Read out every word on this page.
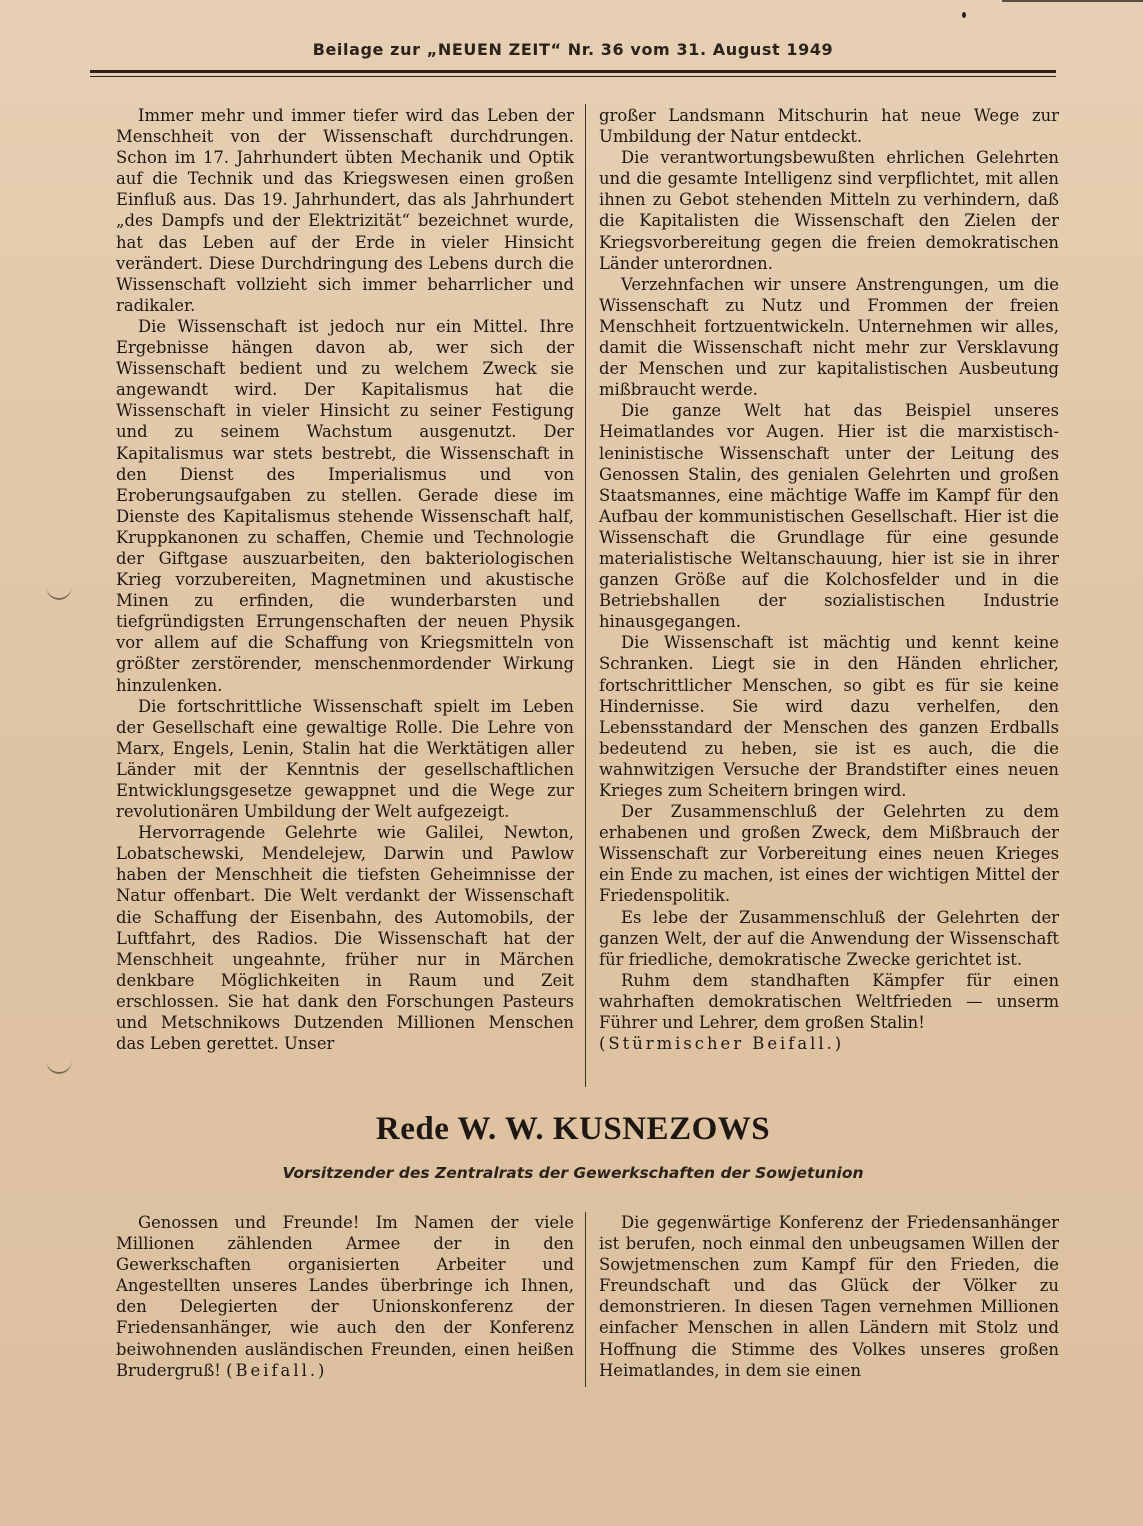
Beilage zur „NEUEN ZEIT“ Nr. 36 vom 31. August 1949

Immer mehr und immer tiefer wird das Leben der Menschheit von der Wissenschaft durchdrungen. Schon im 17. Jahrhundert übten Mechanik und Optik auf die Technik und das Kriegswesen einen großen Einfluß aus. Das 19. Jahrhundert, das als Jahrhundert „des Dampfs und der Elektrizität“ bezeichnet wurde, hat das Leben auf der Erde in vieler Hinsicht verändert. Diese Durchdringung des Lebens durch die Wissenschaft vollzieht sich immer beharrlicher und radikaler.

Die Wissenschaft ist jedoch nur ein Mittel. Ihre Ergebnisse hängen davon ab, wer sich der Wissenschaft bedient und zu welchem Zweck sie angewandt wird. Der Kapitalismus hat die Wissenschaft in vieler Hinsicht zu seiner Festigung und zu seinem Wachstum ausgenutzt. Der Kapitalismus war stets bestrebt, die Wissenschaft in den Dienst des Imperialismus und von Eroberungsaufgaben zu stellen. Gerade diese im Dienste des Kapitalismus stehende Wissenschaft half, Kruppkanonen zu schaffen, Chemie und Technologie der Giftgase auszuarbeiten, den bakteriologischen Krieg vorzubereiten, Magnetminen und akustische Minen zu erfinden, die wunderbarsten und tiefgründigsten Errungenschaften der neuen Physik vor allem auf die Schaffung von Kriegsmitteln von größter zerstörender, menschenmordender Wirkung hinzulenken.

Die fortschrittliche Wissenschaft spielt im Leben der Gesellschaft eine gewaltige Rolle. Die Lehre von Marx, Engels, Lenin, Stalin hat die Werktätigen aller Länder mit der Kenntnis der gesellschaftlichen Entwicklungsgesetze gewappnet und die Wege zur revolutionären Umbildung der Welt aufgezeigt.

Hervorragende Gelehrte wie Galilei, Newton, Lobatschewski, Mendelejew, Darwin und Pawlow haben der Menschheit die tiefsten Geheimnisse der Natur offenbart. Die Welt verdankt der Wissenschaft die Schaffung der Eisenbahn, des Automobils, der Luftfahrt, des Radios. Die Wissenschaft hat der Menschheit ungeahnte, früher nur in Märchen denkbare Möglichkeiten in Raum und Zeit erschlossen. Sie hat dank den Forschungen Pasteurs und Metschnikows Dutzenden Millionen Menschen das Leben gerettet. Unser

großer Landsmann Mitschurin hat neue Wege zur Umbildung der Natur entdeckt.

Die verantwortungsbewußten ehrlichen Gelehrten und die gesamte Intelligenz sind verpflichtet, mit allen ihnen zu Gebot stehenden Mitteln zu verhindern, daß die Kapitalisten die Wissenschaft den Zielen der Kriegsvorbereitung gegen die freien demokratischen Länder unterordnen.

Verzehnfachen wir unsere Anstrengungen, um die Wissenschaft zu Nutz und Frommen der freien Menschheit fortzuentwickeln. Unternehmen wir alles, damit die Wissenschaft nicht mehr zur Versklavung der Menschen und zur kapitalistischen Ausbeutung mißbraucht werde.

Die ganze Welt hat das Beispiel unseres Heimatlandes vor Augen. Hier ist die marxistisch-leninistische Wissenschaft unter der Leitung des Genossen Stalin, des genialen Gelehrten und großen Staatsmannes, eine mächtige Waffe im Kampf für den Aufbau der kommunistischen Gesellschaft. Hier ist die Wissenschaft die Grundlage für eine gesunde materialistische Weltanschauung, hier ist sie in ihrer ganzen Größe auf die Kolchosfelder und in die Betriebshallen der sozialistischen Industrie hinausgegangen.

Die Wissenschaft ist mächtig und kennt keine Schranken. Liegt sie in den Händen ehrlicher, fortschrittlicher Menschen, so gibt es für sie keine Hindernisse. Sie wird dazu verhelfen, den Lebensstandard der Menschen des ganzen Erdballs bedeutend zu heben, sie ist es auch, die die wahnwitzigen Versuche der Brandstifter eines neuen Krieges zum Scheitern bringen wird.

Der Zusammenschluß der Gelehrten zu dem erhabenen und großen Zweck, dem Mißbrauch der Wissenschaft zur Vorbereitung eines neuen Krieges ein Ende zu machen, ist eines der wichtigen Mittel der Friedenspolitik.

Es lebe der Zusammenschluß der Gelehrten der ganzen Welt, der auf die Anwendung der Wissenschaft für friedliche, demokratische Zwecke gerichtet ist.

Ruhm dem standhaften Kämpfer für einen wahrhaften demokratischen Weltfrieden — unserm Führer und Lehrer, dem großen Stalin!

(Stürmischer Beifall.)

Rede W. W. KUSNEZOWS
Vorsitzender des Zentralrats der Gewerkschaften der Sowjetunion

Genossen und Freunde! Im Namen der viele Millionen zählenden Armee der in den Gewerkschaften organisierten Arbeiter und Angestellten unseres Landes überbringe ich Ihnen, den Delegierten der Unionskonferenz der Friedensanhänger, wie auch den der Konferenz beiwohnenden ausländischen Freunden, einen heißen Brudergruß! (Beifall.)

Die gegenwärtige Konferenz der Friedensanhänger ist berufen, noch einmal den unbeugsamen Willen der Sowjetmenschen zum Kampf für den Frieden, die Freundschaft und das Glück der Völker zu demonstrieren. In diesen Tagen vernehmen Millionen einfacher Menschen in allen Ländern mit Stolz und Hoffnung die Stimme des Volkes unseres großen Heimatlandes, in dem sie einen
